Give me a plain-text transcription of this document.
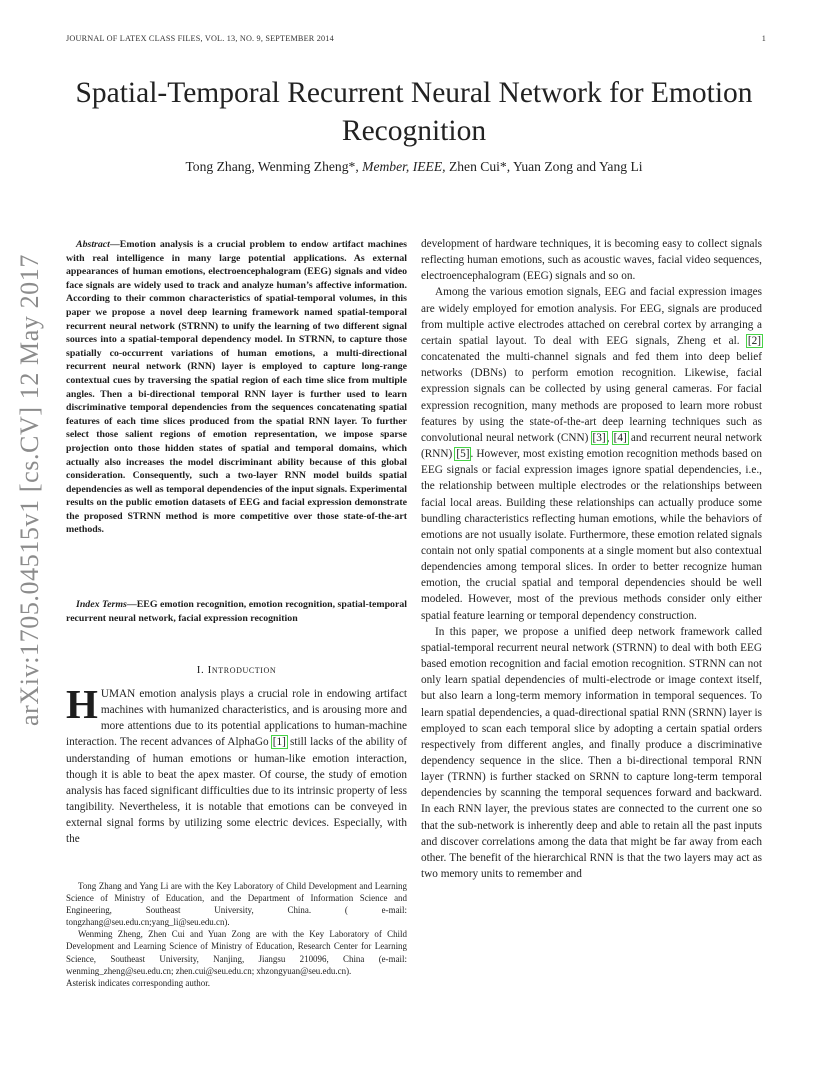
JOURNAL OF LATEX CLASS FILES, VOL. 13, NO. 9, SEPTEMBER 2014	1
Spatial-Temporal Recurrent Neural Network for Emotion Recognition
Tong Zhang, Wenming Zheng*, Member, IEEE, Zhen Cui*, Yuan Zong and Yang Li
arXiv:1705.04515v1 [cs.CV] 12 May 2017

Abstract—Emotion analysis is a crucial problem to endow artifact machines with real intelligence in many large potential applications. As external appearances of human emotions, electroencephalogram (EEG) signals and video face signals are widely used to track and analyze human’s affective information. According to their common characteristics of spatial-temporal volumes, in this paper we propose a novel deep learning framework named spatial-temporal recurrent neural network (STRNN) to unify the learning of two different signal sources into a spatial-temporal dependency model. In STRNN, to capture those spatially co-occurrent variations of human emotions, a multi-directional recurrent neural network (RNN) layer is employed to capture long-range contextual cues by traversing the spatial region of each time slice from multiple angles. Then a bi-directional temporal RNN layer is further used to learn discriminative temporal dependencies from the sequences concatenating spatial features of each time slices produced from the spatial RNN layer. To further select those salient regions of emotion representation, we impose sparse projection onto those hidden states of spatial and temporal domains, which actually also increases the model discriminant ability because of this global consideration. Consequently, such a two-layer RNN model builds spatial dependencies as well as temporal dependencies of the input signals. Experimental results on the public emotion datasets of EEG and facial expression demonstrate the proposed STRNN method is more competitive over those state-of-the-art methods.

Index Terms—EEG emotion recognition, emotion recognition, spatial-temporal recurrent neural network, facial expression recognition

I. Introduction

HUMAN emotion analysis plays a crucial role in endowing artifact machines with humanized characteristics, and is arousing more and more attentions due to its potential applications to human-machine interaction. The recent advances of AlphaGo [1] still lacks of the ability of understanding of human emotions or human-like emotion interaction, though it is able to beat the apex master. Of course, the study of emotion analysis has faced significant difficulties due to its intrinsic property of less tangibility. Nevertheless, it is notable that emotions can be conveyed in external signal forms by utilizing some electric devices. Especially, with the

Tong Zhang and Yang Li are with the Key Laboratory of Child Development and Learning Science of Ministry of Education, and the Department of Information Science and Engineering, Southeast University, China. ( e-mail: tongzhang@seu.edu.cn;yang_li@seu.edu.cn).

Wenming Zheng, Zhen Cui and Yuan Zong are with the Key Laboratory of Child Development and Learning Science of Ministry of Education, Research Center for Learning Science, Southeast University, Nanjing, Jiangsu 210096, China (e-mail: wenming_zheng@seu.edu.cn; zhen.cui@seu.edu.cn; xhzongyuan@seu.edu.cn).

Asterisk indicates corresponding author.

development of hardware techniques, it is becoming easy to collect signals reflecting human emotions, such as acoustic waves, facial video sequences, electroencephalogram (EEG) signals and so on.

Among the various emotion signals, EEG and facial expression images are widely employed for emotion analysis. For EEG, signals are produced from multiple active electrodes attached on cerebral cortex by arranging a certain spatial layout. To deal with EEG signals, Zheng et al. [2] concatenated the multi-channel signals and fed them into deep belief networks (DBNs) to perform emotion recognition. Likewise, facial expression signals can be collected by using general cameras. For facial expression recognition, many methods are proposed to learn more robust features by using the state-of-the-art deep learning techniques such as convolutional neural network (CNN) [3], [4] and recurrent neural network (RNN) [5]. However, most existing emotion recognition methods based on EEG signals or facial expression images ignore spatial dependencies, i.e., the relationship between multiple electrodes or the relationships between facial local areas. Building these relationships can actually produce some bundling characteristics reflecting human emotions, while the behaviors of emotions are not usually isolate. Furthermore, these emotion related signals contain not only spatial components at a single moment but also contextual dependencies among temporal slices. In order to better recognize human emotion, the crucial spatial and temporal dependencies should be well modeled. However, most of the previous methods consider only either spatial feature learning or temporal dependency construction.

In this paper, we propose a unified deep network framework called spatial-temporal recurrent neural network (STRNN) to deal with both EEG based emotion recognition and facial emotion recognition. STRNN can not only learn spatial dependencies of multi-electrode or image context itself, but also learn a long-term memory information in temporal sequences. To learn spatial dependencies, a quad-directional spatial RNN (SRNN) layer is employed to scan each temporal slice by adopting a certain spatial orders respectively from different angles, and finally produce a discriminative dependency sequence in the slice. Then a bi-directional temporal RNN layer (TRNN) is further stacked on SRNN to capture long-term temporal dependencies by scanning the temporal sequences forward and backward. In each RNN layer, the previous states are connected to the current one so that the sub-network is inherently deep and able to retain all the past inputs and discover correlations among the data that might be far away from each other. The benefit of the hierarchical RNN is that the two layers may act as two memory units to remember and
